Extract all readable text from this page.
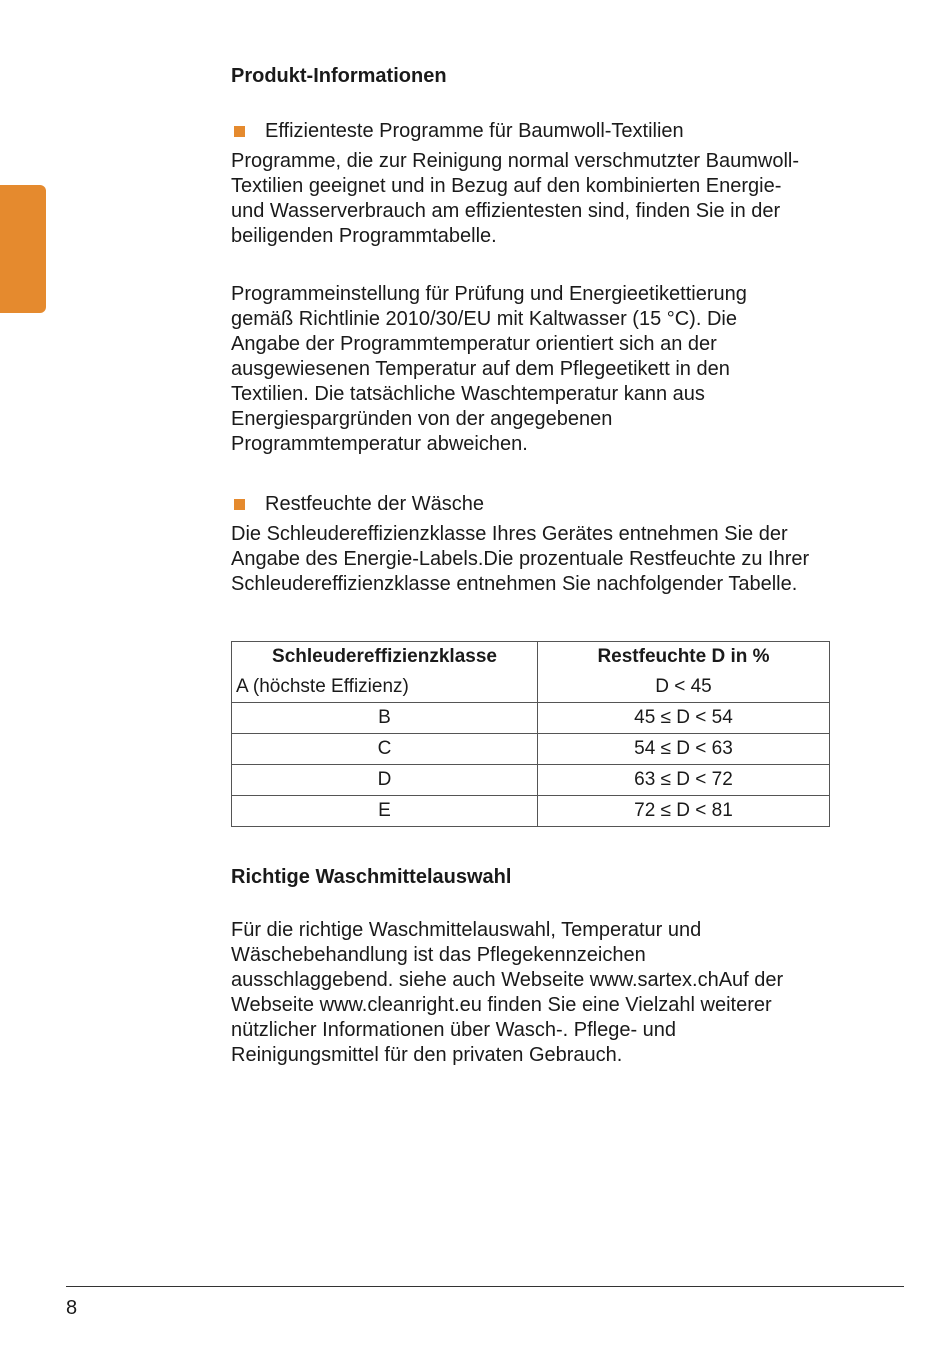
Produkt-Informationen
Effizienteste Programme für Baumwoll-Textilien

Programme, die zur Reinigung normal verschmutzter Baumwoll-
Textilien geeignet und in Bezug auf den kombinierten Energie-
und Wasserverbrauch am effizientesten sind, finden Sie in der
beiligenden Programmtabelle.

Programmeinstellung für Prüfung und Energieetikettierung
gemäß Richtlinie 2010/30/EU mit Kaltwasser (15 °C). Die
Angabe der Programmtemperatur orientiert sich an der
ausgewiesenen Temperatur auf dem Pflegeetikett in den
Textilien. Die tatsächliche Waschtemperatur kann aus
Energiespargründen von der angegebenen
Programmtemperatur abweichen.

Restfeuchte der Wäsche

Die Schleudereffizienzklasse Ihres Gerätes entnehmen Sie der
Angabe des Energie-Labels.Die prozentuale Restfeuchte zu Ihrer
Schleudereffizienzklasse entnehmen Sie nachfolgender Tabelle.

Schleudereffizienzklasse	Restfeuchte D in %
A (höchste Effizienz)	D < 45
B	45 ≤ D < 54
C	54 ≤ D < 63
D	63 ≤ D < 72
E	72 ≤ D < 81
Richtige Waschmittelauswahl

Für die richtige Waschmittelauswahl, Temperatur und
Wäschebehandlung ist das Pflegekennzeichen
ausschlaggebend. siehe auch Webseite www.sartex.chAuf der
Webseite www.cleanright.eu finden Sie eine Vielzahl weiterer
nützlicher Informationen über Wasch-. Pflege- und
Reinigungsmittel für den privaten Gebrauch.

8
